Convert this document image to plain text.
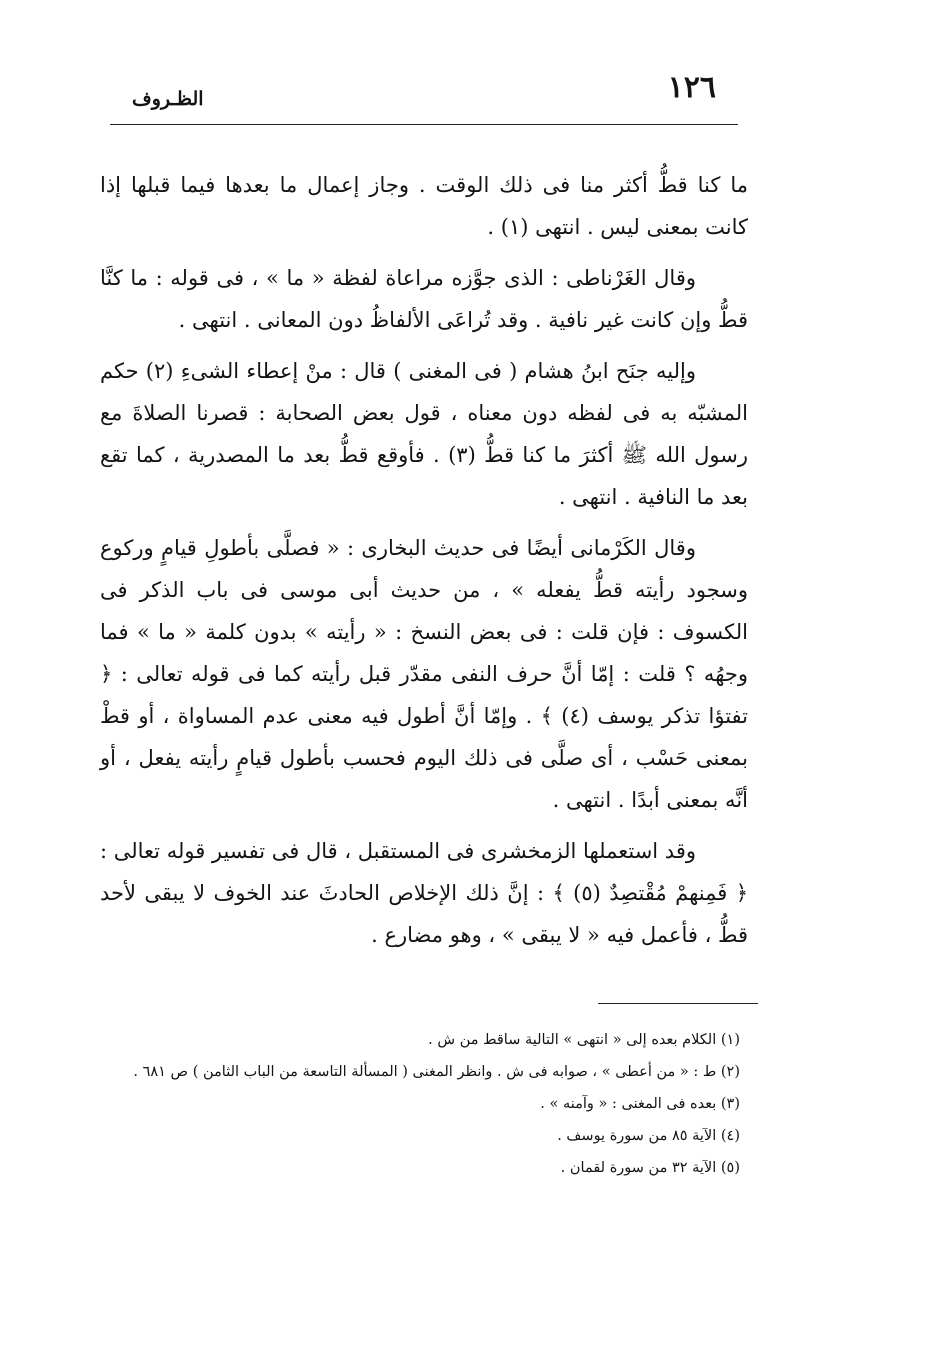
١٢٦
الظـروف

ما كنا قطُّ أكثر منا فى ذلك الوقت . وجاز إعمال ما بعدها فيما قبلها إذا كانت بمعنى ليس . انتهى (١) .

وقال الغَرْناطى : الذى جوَّزه مراعاة لفظة « ما » ، فى قوله : ما كنَّا قطُّ وإن كانت غير نافية . وقد تُراعَى الألفاظُ دون المعانى . انتهى .

وإليه جنَح ابنُ هشام ( فى المغنى ) قال : منْ إعطاء الشىءِ (٢) حكم المشبّه به فى لفظه دون معناه ، قول بعض الصحابة : قصرنا الصلاةَ مع رسول الله ﷺ أكثرَ ما كنا قطُّ (٣) . فأوقع قطُّ بعد ما المصدرية ، كما تقع بعد ما النافية . انتهى .

وقال الكَرْمانى أيضًا فى حديث البخارى : « فصلَّى بأطولِ قيامٍ وركوع وسجود رأيته قطُّ يفعله » ، من حديث أبى موسى فى باب الذكر فى الكسوف : فإن قلت : فى بعض النسخ : « رأيته » بدون كلمة « ما » فما وجهُه ؟ قلت : إمّا أنَّ حرف النفى مقدّر قبل رأيته كما فى قوله تعالى : ﴿ تفتؤا تذكر يوسف (٤) ﴾ . وإمّا أنَّ أطول فيه معنى عدم المساواة ، أو قطْ بمعنى حَسْب ، أى صلَّى فى ذلك اليوم فحسب بأطول قيامٍ رأيته يفعل ، أو أنَّه بمعنى أبدًا . انتهى .

وقد استعملها الزمخشرى فى المستقبل ، قال فى تفسير قوله تعالى : ﴿ فَمِنهمْ مُقْتصِدٌ (٥) ﴾ : إنَّ ذلك الإخلاص الحادثَ عند الخوف لا يبقى لأحد قطُّ ، فأعمل فيه « لا يبقى » ، وهو مضارع .

(١) الكلام بعده إلى « انتهى » التالية ساقط من ش .

(٢) ط : « من أعطى » ، صوابه فى ش . وانظر المغنى ( المسألة التاسعة من الباب الثامن ) ص ٦٨١ .

(٣) بعده فى المغنى : « وآمنه » .

(٤) الآية ٨٥ من سورة يوسف .

(٥) الآية ٣٢ من سورة لقمان .
